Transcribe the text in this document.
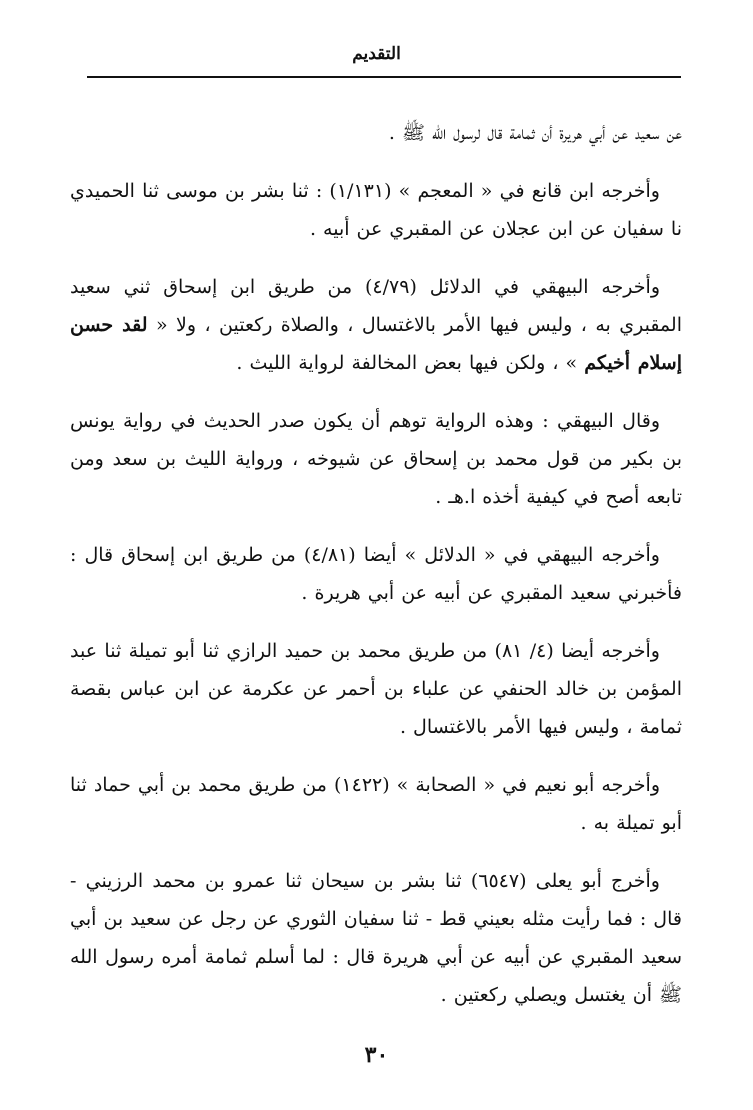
التقديم

عن سعيد عن أبي هريرة أن ثمامة قال لرسول الله ﷺ .

وأخرجه ابن قانع في « المعجم » (١/١٣١) : ثنا بشر بن موسى ثنا الحميدي نا سفيان عن ابن عجلان عن المقبري عن أبيه .

وأخرجه البيهقي في الدلائل (٤/٧٩) من طريق ابن إسحاق ثني سعيد المقبري به ، وليس فيها الأمر بالاغتسال ، والصلاة ركعتين ، ولا « لقد حسن إسلام أخيكم » ، ولكن فيها بعض المخالفة لرواية الليث .

وقال البيهقي : وهذه الرواية توهم أن يكون صدر الحديث في رواية يونس بن بكير من قول محمد بن إسحاق عن شيوخه ، ورواية الليث بن سعد ومن تابعه أصح في كيفية أخذه ا.هـ .

وأخرجه البيهقي في « الدلائل » أيضا (٤/٨١) من طريق ابن إسحاق قال : فأخبرني سعيد المقبري عن أبيه عن أبي هريرة .

وأخرجه أيضا (٤/ ٨١) من طريق محمد بن حميد الرازي ثنا أبو تميلة ثنا عبد المؤمن بن خالد الحنفي عن علباء بن أحمر عن عكرمة عن ابن عباس بقصة ثمامة ، وليس فيها الأمر بالاغتسال .

وأخرجه أبو نعيم في « الصحابة » (١٤٢٢) من طريق محمد بن أبي حماد ثنا أبو تميلة به .

وأخرج أبو يعلى (٦٥٤٧) ثنا بشر بن سيحان ثنا عمرو بن محمد الرزيني - قال : فما رأيت مثله بعيني قط - ثنا سفيان الثوري عن رجل عن سعيد بن أبي سعيد المقبري عن أبيه عن أبي هريرة قال : لما أسلم ثمامة أمره رسول الله ﷺ أن يغتسل ويصلي ركعتين .

٣٠
